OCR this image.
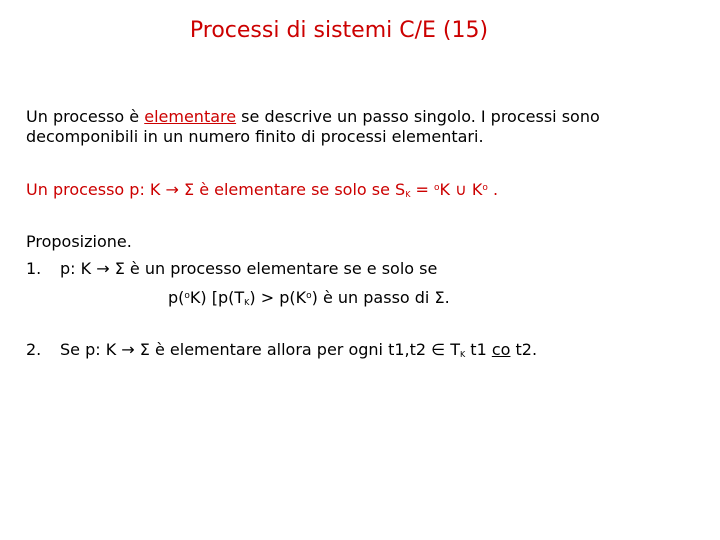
Processi di sistemi C/E (15)
Un processo è elementare se descrive un passo singolo. I processi sono
decomponibili in un numero finito di processi elementari.
Un processo p: K → Σ è elementare se solo se $S_K = ^oK$ ∪ $K^o$ .
Proposizione.
1. p: K → Σ è un processo elementare se e solo se
p($^o$K) [$p(T_K) > p(K^o)$ è un passo di Σ.
2. Se p: K → Σ è elementare allora per ogni t1,t2 ∈ $T_K$ t1 co t2.
